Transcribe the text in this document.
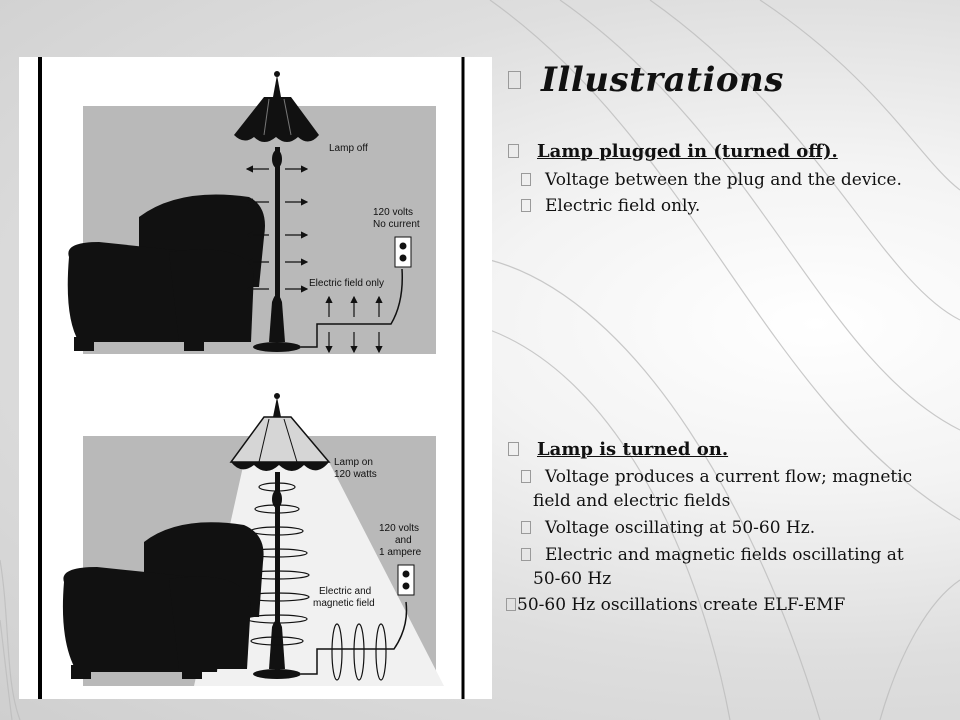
Lamp off
120 volts
No current
Electric field only
Lamp on
120 watts
120 volts
and
1 ampere
Electric and
magnetic field
Illustrations
Lamp plugged in (turned off).
Voltage between the plug and the device.
Electric field only.
Lamp is turned on.
Voltage produces a current flow; magnetic
field and electric fields
Voltage oscillating at 50-60 Hz.
Electric and magnetic fields oscillating at
50-60 Hz
50-60 Hz oscillations create ELF-EMF
